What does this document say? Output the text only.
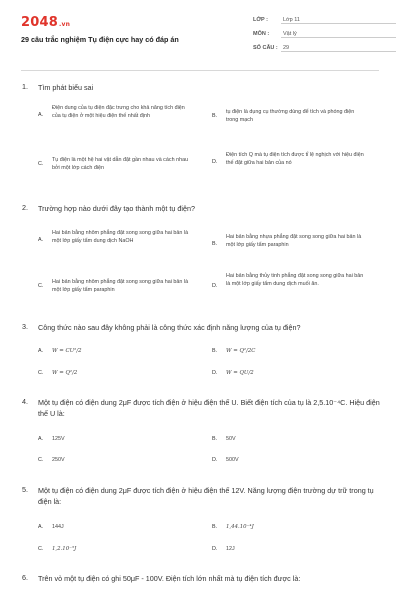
2048.vn
29 câu trắc nghiệm Tụ điện cực hay có đáp án
LỚP :	Lớp 11
MÔN :	Vật lý
SỐ CÂU : 29
1. Tìm phát biểu sai
A.
Điện dung của tụ điện đặc trưng cho khả năng tích điện của tụ điện ở một hiệu điện thế nhất định	B.
tụ điện là dụng cụ thường dùng để tích và phóng điện trong mạch
C.
Tụ điện là một hệ hai vật dẫn đặt gần nhau và cách nhau bởi một lớp cách điện
D.
Điện tích Q mà tụ điện tích được tỉ lệ nghịch với hiệu điện thế đặt giữa hai bản của nó
2. Trường hợp nào dưới đây tạo thành một tụ điện?
A.
Hai bản bằng nhôm phẳng đặt song song giữa hai bản là một lớp giấy tẩm dung dịch NaOH
B.
Hai bản bằng nhựa phẳng đặt song song giữa hai bản là một lớp giấy tẩm paraphin
C.
Hai bản bằng nhôm phẳng đặt song song giữa hai bản là một lớp giấy tẩm paraphin
D.
Hai bản bằng thủy tinh phẳng đặt song song giữa hai bản là một lớp giấy tẩm dung dịch muối ăn.
3. Công thức nào sau đây không phải là công thức xác định năng lượng của tụ điện?
A. W = CU²/2	B. W = Q²/2C
C. W = Q²/2	D. W = QU/2
4. Một tụ điện có điện dung 2μF được tích điện ở hiệu điện thế U. Biết điện tích của tụ là 2,5.10⁻⁴C. Hiệu điện thế U là:
A. 125V	B. 50V
C. 250V	D. 500V
5. Một tụ điện có điện dung 2μF được tích điện ở hiệu điện thế 12V. Năng lượng điện trường dự trữ trong tụ điện là:
A. 144J	B. 1,44.10⁻⁴J
C. 1,2.10⁻⁵J	D. 12J
6. Trên vỏ một tụ điện có ghi 50μF - 100V. Điện tích lớn nhất mà tụ điện tích được là:
